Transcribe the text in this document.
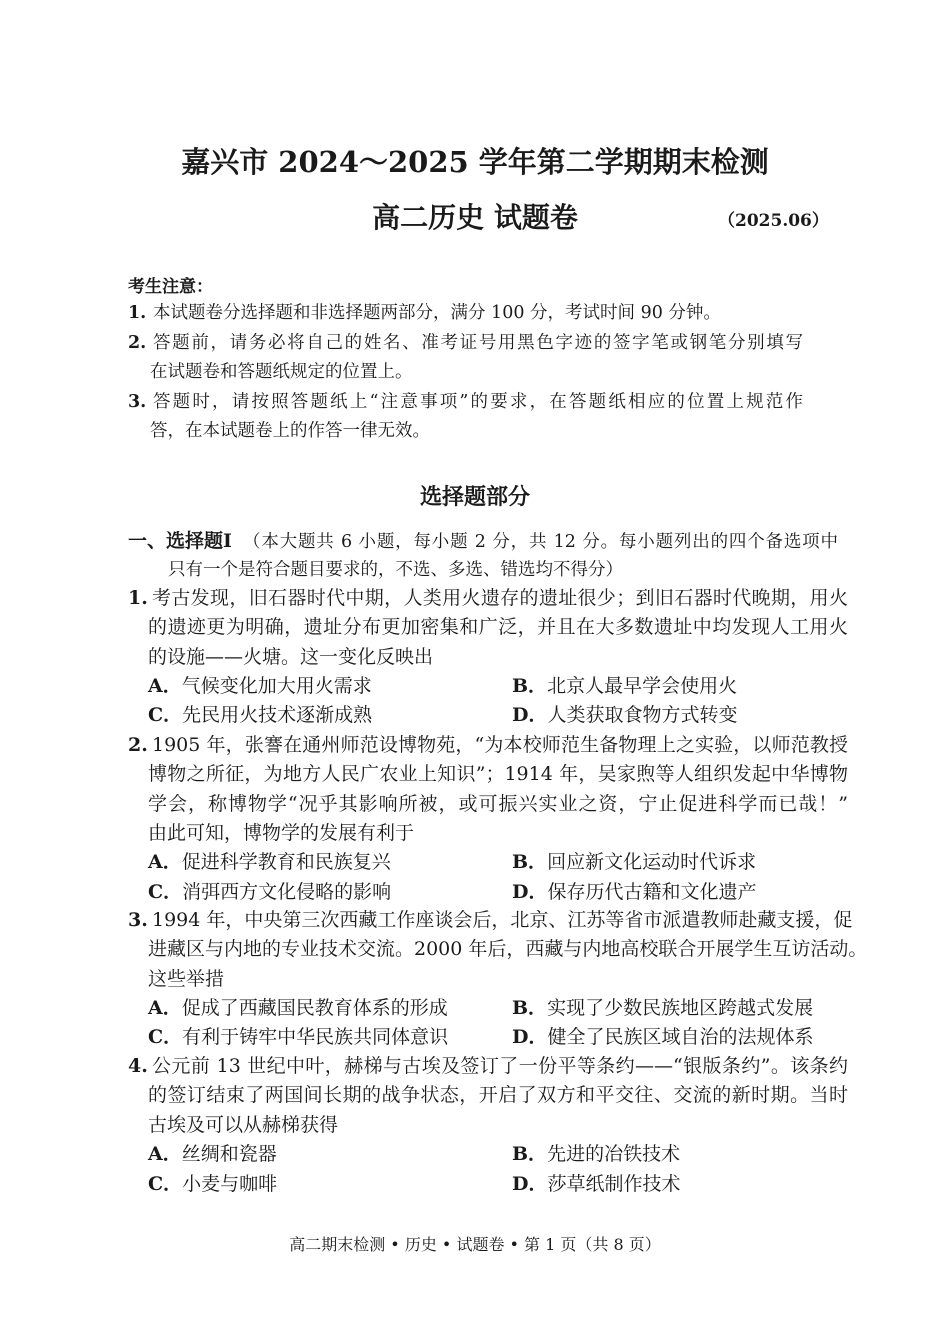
嘉兴市 2024～2025 学年第二学期期末检测
高二历史 试题卷	（2025.06）
考生注意：
1. 本试题卷分选择题和非选择题两部分，满分 100 分，考试时间 90 分钟。
2. 答题前，请务必将自己的姓名、准考证号用黑色字迹的签字笔或钢笔分别填写
在试题卷和答题纸规定的位置上。
3. 答题时，请按照答题纸上“注意事项”的要求，在答题纸相应的位置上规范作
答，在本试题卷上的作答一律无效。
选择题部分
一、选择题Ⅰ （本大题共 6 小题，每小题 2 分，共 12 分。每小题列出的四个备选项中
只有一个是符合题目要求的，不选、多选、错选均不得分）
1. 考古发现，旧石器时代中期，人类用火遗存的遗址很少；到旧石器时代晚期，用火
的遗迹更为明确，遗址分布更加密集和广泛，并且在大多数遗址中均发现人工用火
的设施——火塘。这一变化反映出
A．气候变化加大用火需求	B．北京人最早学会使用火
C．先民用火技术逐渐成熟	D．人类获取食物方式转变
2. 1905 年，张謇在通州师范设博物苑，“为本校师范生备物理上之实验，以师范教授
博物之所征，为地方人民广农业上知识”；1914 年，吴家煦等人组织发起中华博物
学会，称博物学“况乎其影响所被，或可振兴实业之资，宁止促进科学而已哉！”
由此可知，博物学的发展有利于
A．促进科学教育和民族复兴	B．回应新文化运动时代诉求
C．消弭西方文化侵略的影响	D．保存历代古籍和文化遗产
3. 1994 年，中央第三次西藏工作座谈会后，北京、江苏等省市派遣教师赴藏支援，促
进藏区与内地的专业技术交流。2000 年后，西藏与内地高校联合开展学生互访活动。
这些举措
A．促成了西藏国民教育体系的形成	B．实现了少数民族地区跨越式发展
C．有利于铸牢中华民族共同体意识	D．健全了民族区域自治的法规体系
4. 公元前 13 世纪中叶，赫梯与古埃及签订了一份平等条约——“银版条约”。该条约
的签订结束了两国间长期的战争状态，开启了双方和平交往、交流的新时期。当时
古埃及可以从赫梯获得
A．丝绸和瓷器	B．先进的冶铁技术
C．小麦与咖啡	D．莎草纸制作技术
高二期末检测 • 历史 • 试题卷 • 第 1 页（共 8 页）
